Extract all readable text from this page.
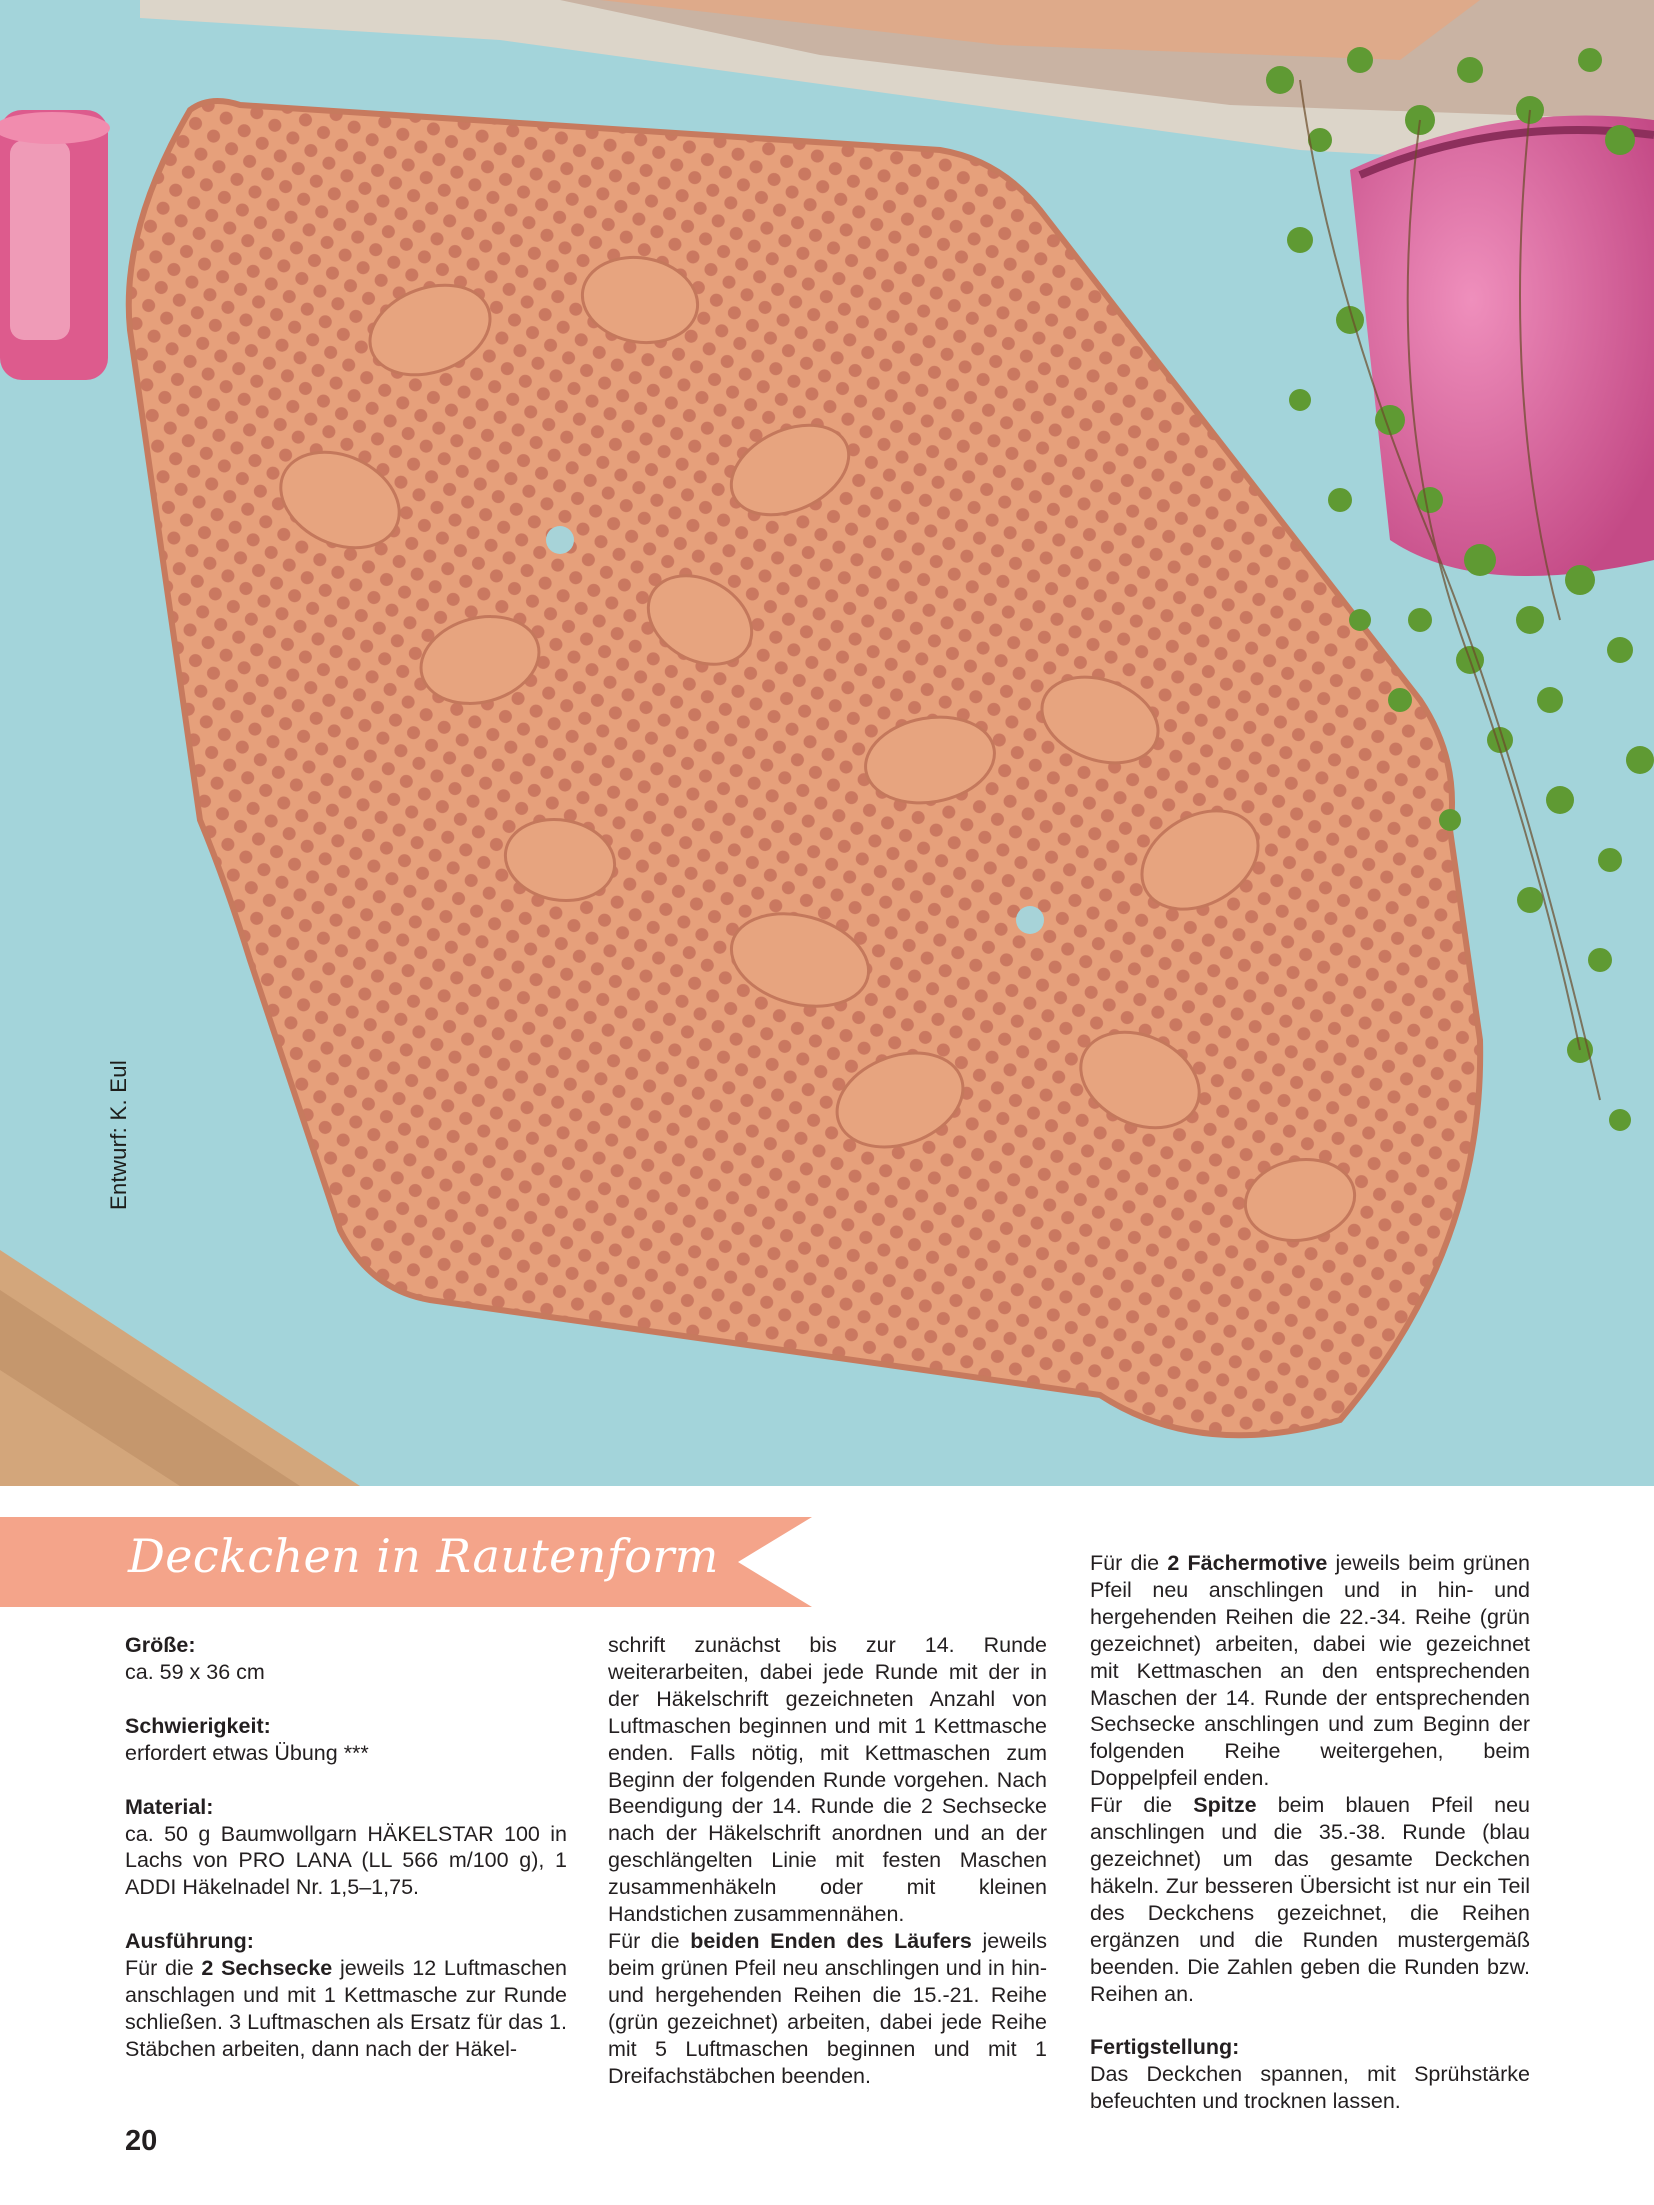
Entwurf: K. Eul
Deckchen in Rautenform

Größe:

ca. 59 x 36 cm

Schwierigkeit:

erfordert etwas Übung ***

Material:

ca. 50 g Baumwollgarn HÄKELSTAR 100 in Lachs von PRO LANA (LL 566 m/100 g), 1 ADDI Häkelnadel Nr. 1,5–1,75.

Ausführung:

Für die 2 Sechsecke jeweils 12 Luftmaschen anschlagen und mit 1 Kettmasche zur Runde schließen. 3 Luftmaschen als Ersatz für das 1. Stäbchen arbeiten, dann nach der Häkel-

schrift zunächst bis zur 14. Runde weiterarbeiten, dabei jede Runde mit der in der Häkelschrift gezeichneten Anzahl von Luftmaschen beginnen und mit 1 Kettmasche enden. Falls nötig, mit Kettmaschen zum Beginn der folgenden Runde vorgehen. Nach Beendigung der 14. Runde die 2 Sechsecke nach der Häkelschrift anordnen und an der geschlängelten Linie mit festen Maschen zusammenhäkeln oder mit kleinen Handstichen zusammennähen.

Für die beiden Enden des Läufers jeweils beim grünen Pfeil neu anschlingen und in hin- und hergehenden Reihen die 15.-21. Reihe (grün gezeichnet) arbeiten, dabei jede Reihe mit 5 Luftmaschen beginnen und mit 1 Dreifachstäbchen beenden.

Für die 2 Fächermotive jeweils beim grünen Pfeil neu anschlingen und in hin- und hergehenden Reihen die 22.-34. Reihe (grün gezeichnet) arbeiten, dabei wie gezeichnet mit Kettmaschen an den entsprechenden Maschen der 14. Runde der entsprechenden Sechsecke anschlingen und zum Beginn der folgenden Reihe weitergehen, beim Doppelpfeil enden.

Für die Spitze beim blauen Pfeil neu anschlingen und die 35.-38. Runde (blau gezeichnet) um das gesamte Deckchen häkeln. Zur besseren Übersicht ist nur ein Teil des Deckchens gezeichnet, die Reihen ergänzen und die Runden mustergemäß beenden. Die Zahlen geben die Runden bzw. Reihen an.

Fertigstellung:

Das Deckchen spannen, mit Sprühstärke befeuchten und trocknen lassen.

20
